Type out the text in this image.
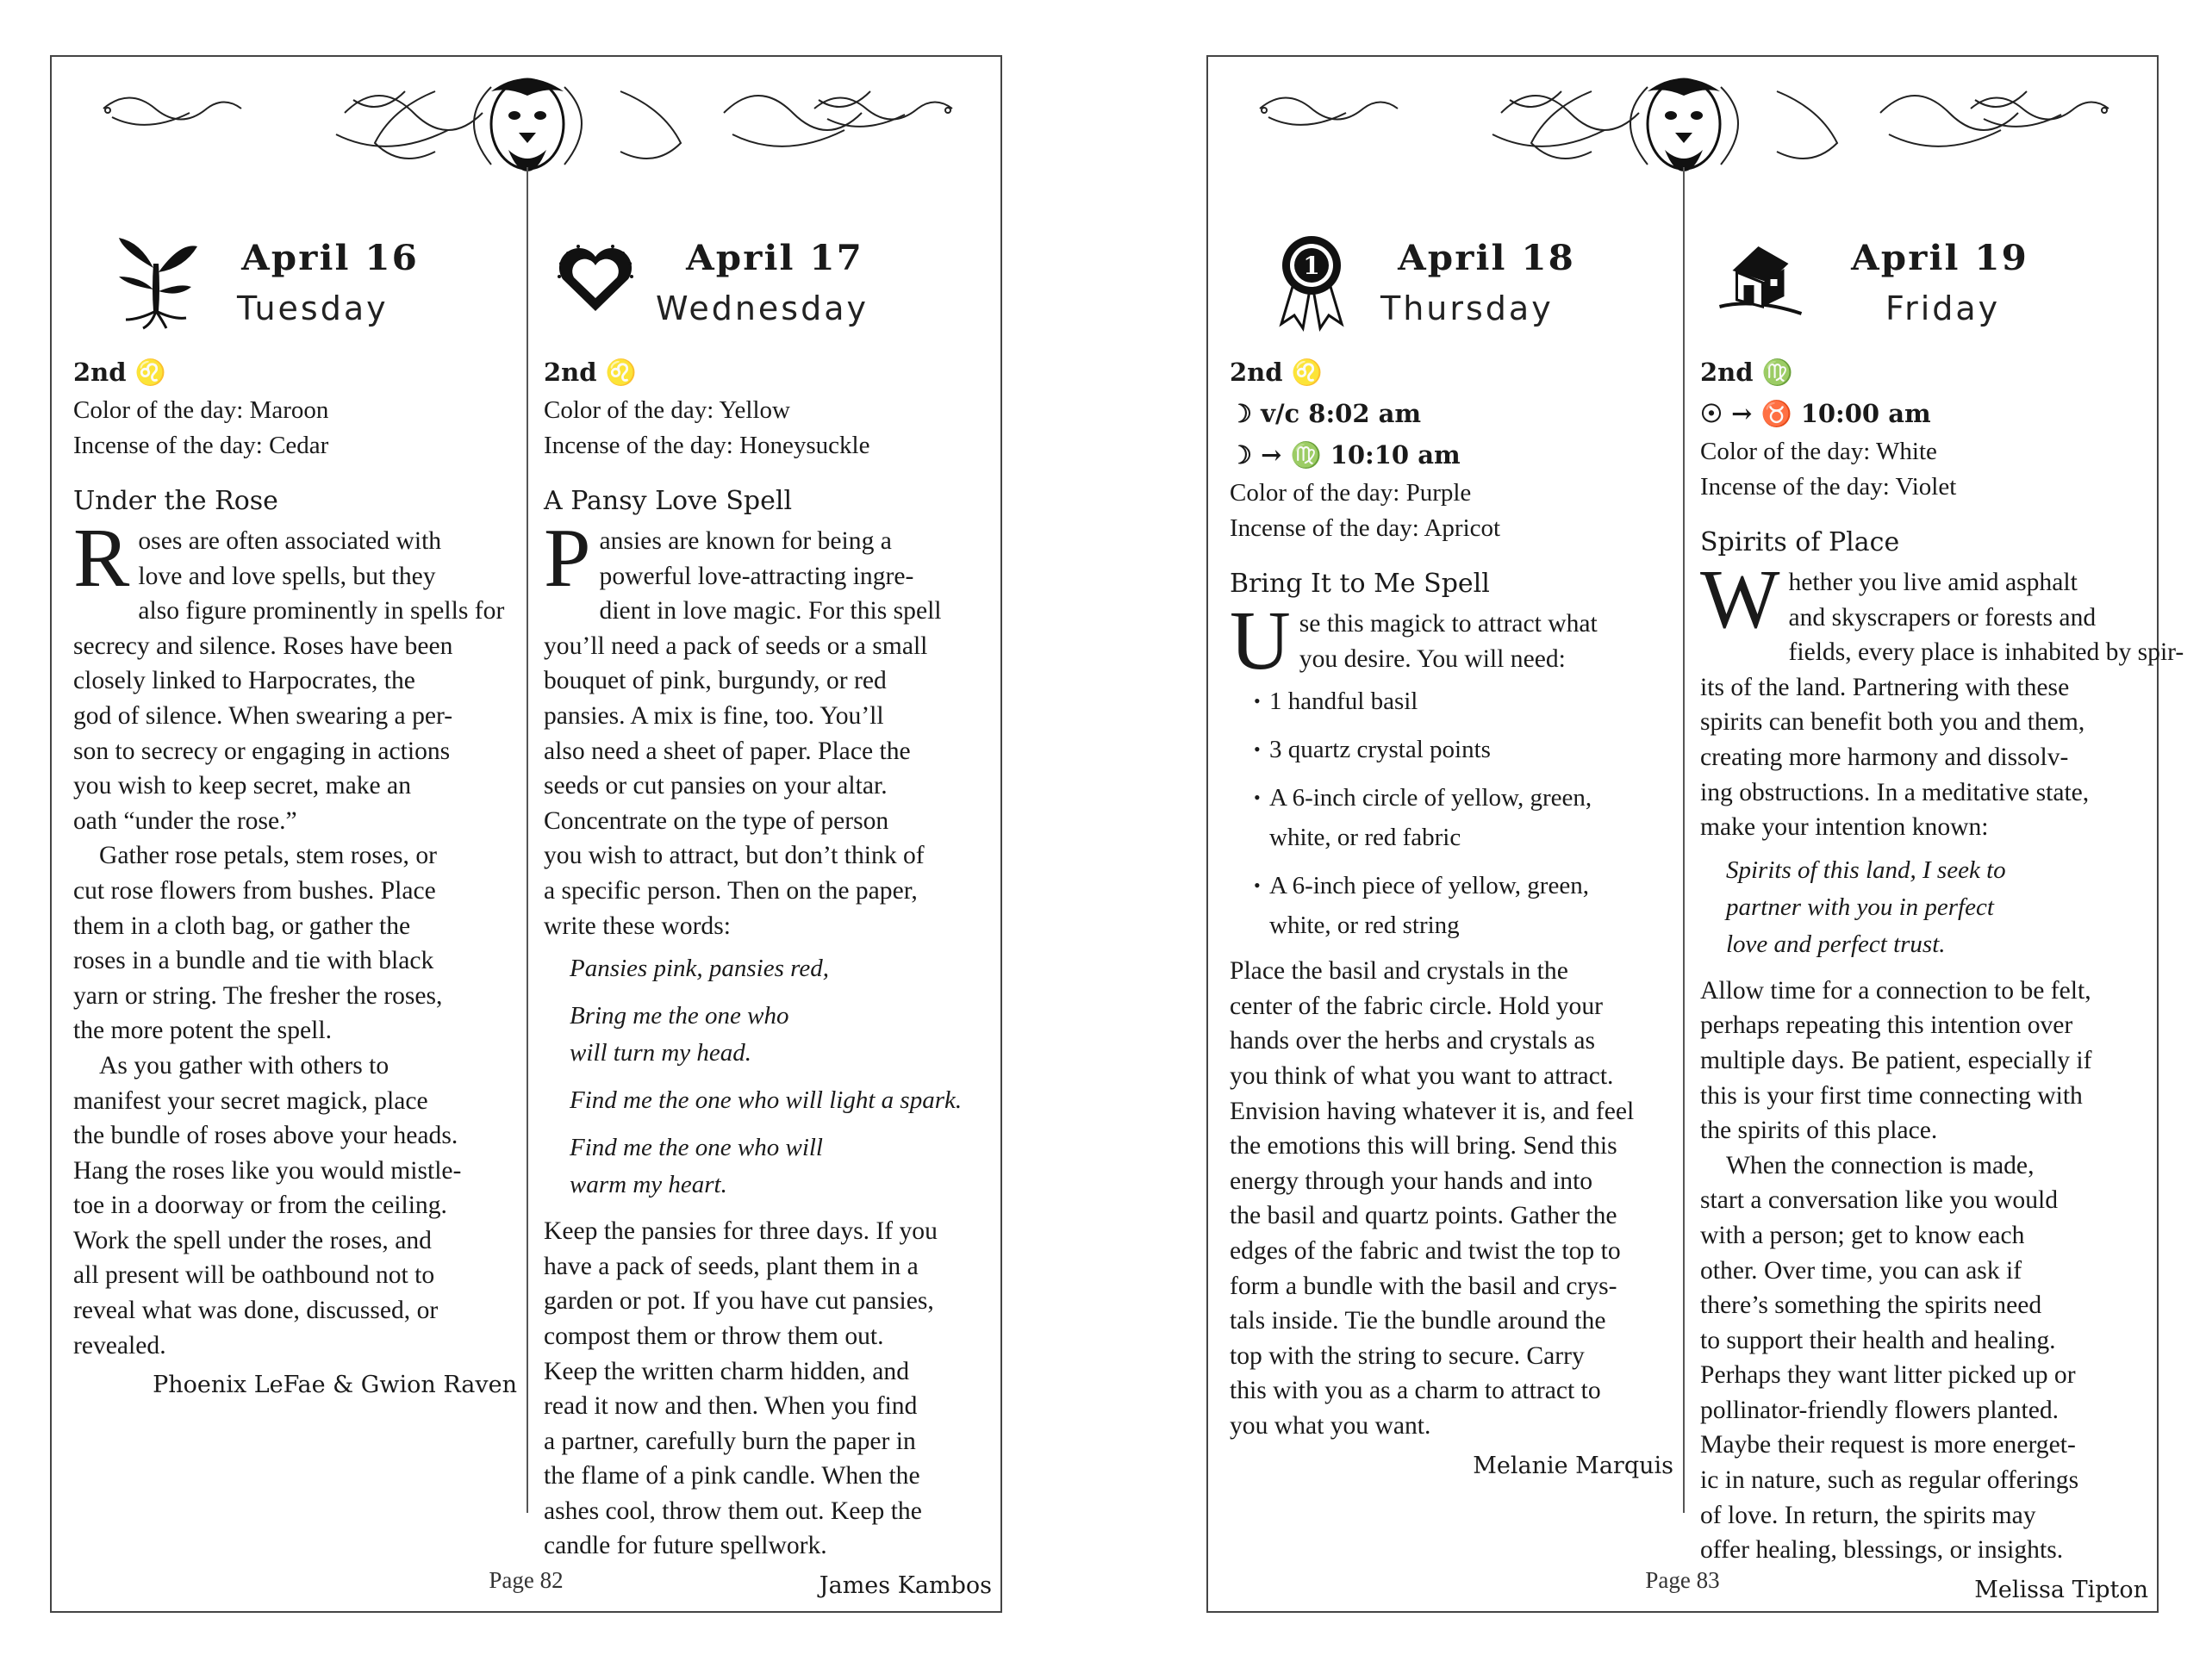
April 16
Tuesday
2nd ♌
Color of the day: Maroon
Incense of the day: Cedar
Under the Rose
R oses are often associated with
love and love spells, but they
also figure prominently in spells for
secrecy and silence. Roses have been
closely linked to Harpocrates, the
god of silence. When swearing a per-
son to secrecy or engaging in actions
you wish to keep secret, make an
oath “under the rose.”
Gather rose petals, stem roses, or
cut rose flowers from bushes. Place
them in a cloth bag, or gather the
roses in a bundle and tie with black
yarn or string. The fresher the roses,
the more potent the spell.
As you gather with others to
manifest your secret magick, place
the bundle of roses above your heads.
Hang the roses like you would mistle-
toe in a doorway or from the ceiling.
Work the spell under the roses, and
all present will be oathbound not to
reveal what was done, discussed, or
revealed.
Phoenix LeFae & Gwion Raven
April 17
Wednesday
2nd ♌
Color of the day: Yellow
Incense of the day: Honeysuckle
A Pansy Love Spell
P ansies are known for being a
powerful love-attracting ingre-
dient in love magic. For this spell
you’ll need a pack of seeds or a small
bouquet of pink, burgundy, or red
pansies. A mix is fine, too. You’ll
also need a sheet of paper. Place the
seeds or cut pansies on your altar.
Concentrate on the type of person
you wish to attract, but don’t think of
a specific person. Then on the paper,
write these words:
Pansies pink, pansies red,
Bring me the one who
will turn my head.
Find me the one who will light a spark.
Find me the one who will
warm my heart.
Keep the pansies for three days. If you
have a pack of seeds, plant them in a
garden or pot. If you have cut pansies,
compost them or throw them out.
Keep the written charm hidden, and
read it now and then. When you find
a partner, carefully burn the paper in
the flame of a pink candle. When the
ashes cool, throw them out. Keep the
candle for future spellwork.
James Kambos
Page 82
1 April 18
Thursday
2nd ♌
☽ v/c 8:02 am
☽ → ♍ 10:10 am
Color of the day: Purple
Incense of the day: Apricot
Bring It to Me Spell
U se this magick to attract what
you desire. You will need:
• 1 handful basil
• 3 quartz crystal points
• A 6-inch circle of yellow, green,
white, or red fabric
• A 6-inch piece of yellow, green,
white, or red string
Place the basil and crystals in the
center of the fabric circle. Hold your
hands over the herbs and crystals as
you think of what you want to attract.
Envision having whatever it is, and feel
the emotions this will bring. Send this
energy through your hands and into
the basil and quartz points. Gather the
edges of the fabric and twist the top to
form a bundle with the basil and crys-
tals inside. Tie the bundle around the
top with the string to secure. Carry
this with you as a charm to attract to
you what you want.
Melanie Marquis
April 19
Friday
2nd ♍
☉ → ♉ 10:00 am
Color of the day: White
Incense of the day: Violet
Spirits of Place
W hether you live amid asphalt
and skyscrapers or forests and
fields, every place is inhabited by spir-
its of the land. Partnering with these
spirits can benefit both you and them,
creating more harmony and dissolv-
ing obstructions. In a meditative state,
make your intention known:
Spirits of this land, I seek to
partner with you in perfect
love and perfect trust.
Allow time for a connection to be felt,
perhaps repeating this intention over
multiple days. Be patient, especially if
this is your first time connecting with
the spirits of this place.
When the connection is made,
start a conversation like you would
with a person; get to know each
other. Over time, you can ask if
there’s something the spirits need
to support their health and healing.
Perhaps they want litter picked up or
pollinator-friendly flowers planted.
Maybe their request is more energet-
ic in nature, such as regular offerings
of love. In return, the spirits may
offer healing, blessings, or insights.
Melissa Tipton
Page 83
